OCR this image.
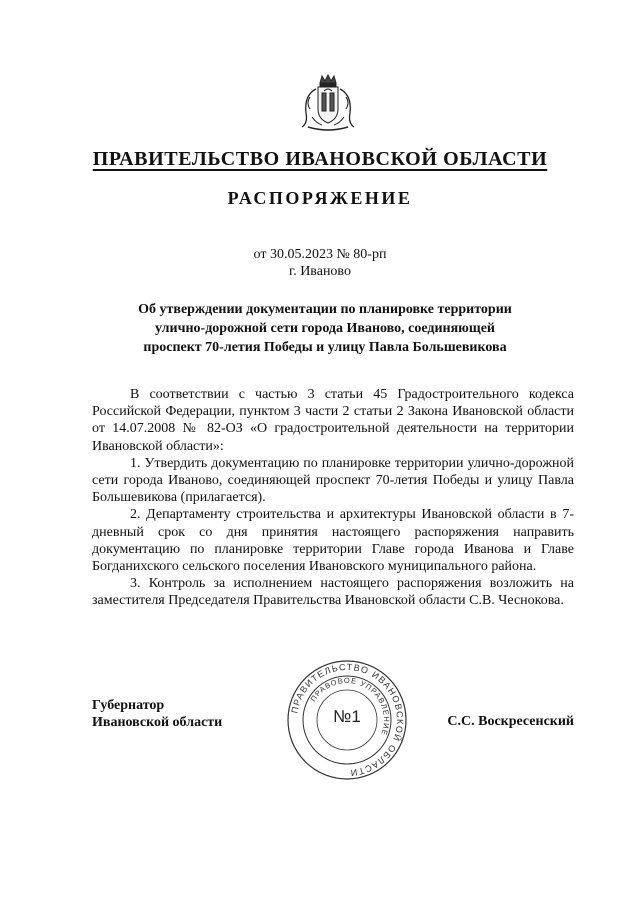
ПРАВИТЕЛЬСТВО ИВАНОВСКОЙ ОБЛАСТИ
РАСПОРЯЖЕНИЕ
от 30.05.2023 № 80-рп
г. Иваново
Об утверждении документации по планировке территории
улично-дорожной сети города Иваново, соединяющей
проспект 70-летия Победы и улицу Павла Большевикова

В соответствии с частью 3 статьи 45 Градостроительного кодекса Российской Федерации, пунктом 3 части 2 статьи 2 Закона Ивановской области от 14.07.2008 № 82-ОЗ «О градостроительной деятельности на территории Ивановской области»:

1. Утвердить документацию по планировке территории улично-дорожной сети города Иваново, соединяющей проспект 70-летия Победы и улицу Павла Большевикова (прилагается).

2. Департаменту строительства и архитектуры Ивановской области в 7-дневный срок со дня принятия настоящего распоряжения направить документацию по планировке территории Главе города Иванова и Главе Богданихского сельского поселения Ивановского муниципального района.

3. Контроль за исполнением настоящего распоряжения возложить на заместителя Председателя Правительства Ивановской области С.В. Чеснокова.

Губернатор
Ивановской области
ПРАВИТЕЛЬСТВО ИВАНОВСКОЙ ОБЛАСТИ
ПРАВОВОЕ УПРАВЛЕНИЕ
№1	С.С. Воскресенский
